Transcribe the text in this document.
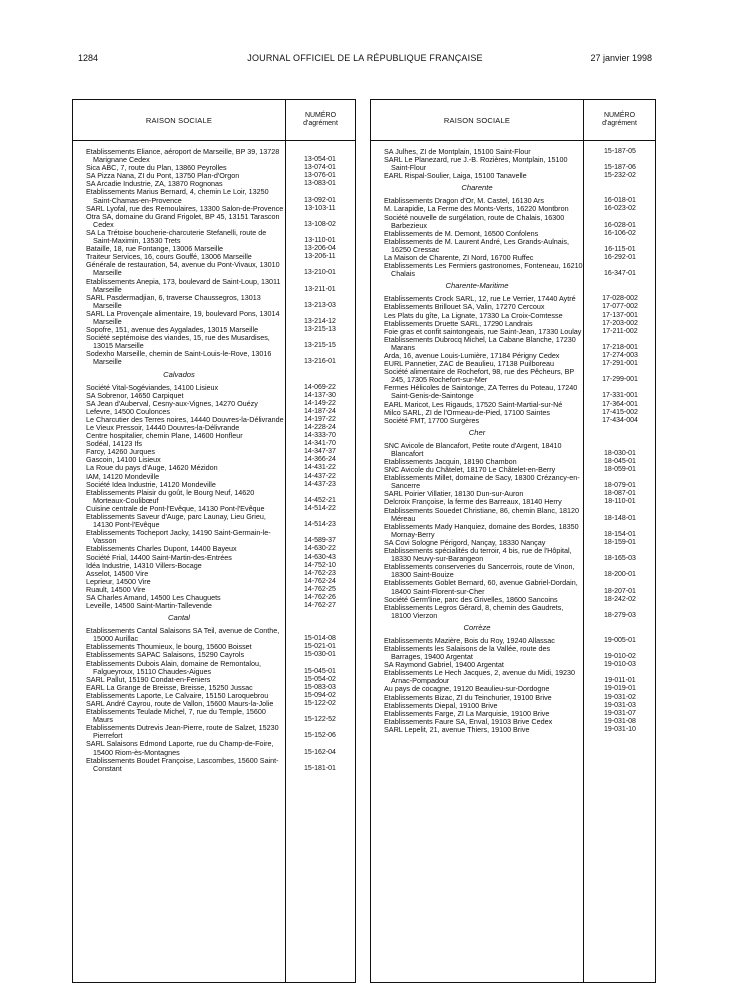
1284	JOURNAL OFFICIEL DE LA RÉPUBLIQUE FRANÇAISE	27 janvier 1998
RAISON SOCIALE	NUMÉRO
d'agrément
Etablissements Eliance, aéroport de Marseille, BP 39, 13728 Marignane Cedex	13-054-01
Sica ABC, 7, route du Plan, 13860 Peyrolles	13-074-01
SA Pizza Nana, ZI du Pont, 13750 Plan-d'Orgon	13-076-01
SA Arcadie Industrie, ZA, 13870 Rognonas	13-083-01
Etablissements Marius Bernard, 4, chemin Le Loir, 13250 Saint-Chamas-en-Provence	13-092-01
SARL Lyofal, rue des Remoulaires, 13300 Salon-de-Provence	13-103-11
Otra SA, domaine du Grand Frigolet, BP 45, 13151 Tarascon Cedex	13-108-02
SA La Trétoise boucherie-charcuterie Stefanelli, route de Saint-Maximin, 13530 Trets	13-110-01
Bataille, 18, rue Fontange, 13006 Marseille	13-206-04
Traiteur Services, 16, cours Gouffé, 13006 Marseille	13-206-11
Générale de restauration, 54, avenue du Pont-Vivaux, 13010 Marseille	13-210-01
Etablissements Anepia, 173, boulevard de Saint-Loup, 13011 Marseille	13-211-01
SARL Pasdermadjian, 6, traverse Chaussegros, 13013 Marseille	13-213-03
SARL La Provençale alimentaire, 19, boulevard Pons, 13014 Marseille	13-214-12
Sopofre, 151, avenue des Aygalades, 13015 Marseille	13-215-13
Société septémoise des viandes, 15, rue des Musardises, 13015 Marseille	13-215-15
Sodexho Marseille, chemin de Saint-Louis-le-Rove, 13016 Marseille	13-216-01
Calvados
Société Vital-Sogéviandes, 14100 Lisieux	14-069-22
SA Sobrenor, 14650 Carpiquet	14-137-30
SA Jean d'Auberval, Cesny-aux-Vignes, 14270 Ouézy	14-149-22
Lefevre, 14500 Coulonces	14-187-24
Le Charcutier des Terres noires, 14440 Douvres-la-Délivrande	14-197-22
Le Vieux Pressoir, 14440 Douvres-la-Délivrande	14-228-24
Centre hospitalier, chemin Plane, 14600 Honfleur	14-333-70
Sodéal, 14123 Ifs	14-341-70
Farcy, 14260 Jurques	14-347-37
Gascoin, 14100 Lisieux	14-366-24
La Roue du pays d'Auge, 14620 Mézidon	14-431-22
IAM, 14120 Mondeville	14-437-22
Société Idea Industrie, 14120 Mondeville	14-437-23
Etablissements Plaisir du goût, le Bourg Neuf, 14620 Morteaux-Coulibœuf	14-452-21
Cuisine centrale de Pont-l'Evêque, 14130 Pont-l'Evêque	14-514-22
Etablissements Saveur d'Auge, parc Launay, Lieu Grieu, 14130 Pont-l'Evêque	14-514-23
Etablissements Tocheport Jacky, 14190 Saint-Germain-le-Vasson	14-589-37
Etablissements Charles Dupont, 14400 Bayeux	14-630-22
Société Frial, 14400 Saint-Martin-des-Entrées	14-630-43
Idéa Industrie, 14310 Villers-Bocage	14-752-10
Asselot, 14500 Vire	14-762-23
Leprieur, 14500 Vire	14-762-24
Ruault, 14500 Vire	14-762-25
SA Charles Amand, 14500 Les Chauguets	14-762-26
Leveille, 14500 Saint-Martin-Tallevende	14-762-27
Cantal
Etablissements Cantal Salaisons SA Teil, avenue de Conthe, 15000 Aurillac	15-014-08
Etablissements Thoumieux, le bourg, 15600 Boisset	15-021-01
Etablissements SAPAC Salaisons, 15290 Cayrols	15-030-01
Etablissements Dubois Alain, domaine de Remontalou, Falgueyroux, 15110 Chaudes-Aigues	15-045-01
SARL Pallut, 15190 Condat-en-Feniers	15-054-02
EARL La Grange de Breisse, Breisse, 15250 Jussac	15-083-03
Etablissements Laporte, Le Calvaire, 15150 Laroquebrou	15-094-02
SARL André Cayrou, route de Vallon, 15600 Maurs-la-Jolie	15-122-02
Etablissements Teulade Michel, 7, rue du Temple, 15600 Maurs	15-122-52
Etablissements Dutrevis Jean-Pierre, route de Salzet, 15230 Pierrefort	15-152-06
SARL Salaisons Edmond Laporte, rue du Champ-de-Foire, 15400 Riom-ès-Montagnes	15-162-04
Etablissements Boudet Françoise, Lascombes, 15600 Saint-Constant	15-181-01
RAISON SOCIALE	NUMÉRO
d'agrément
SA Julhes, ZI de Montplain, 15100 Saint-Flour	15-187-05
SARL Le Planezard, rue J.-B. Rozières, Montplain, 15100 Saint-Flour	15-187-06
EARL Rispal-Soulier, Laiga, 15100 Tanavelle	15-232-02
Charente
Etablissements Dragon d'Or, M. Castel, 16130 Ars	16-018-01
M. Larapidie, La Ferme des Monts-Verts, 16220 Montbron	16-023-02
Société nouvelle de surgélation, route de Chalais, 16300 Barbezieux	16-028-01
Etablissements de M. Demont, 16500 Confolens	16-106-02
Etablissements de M. Laurent André, Les Grands-Aulnais, 16250 Cressac	16-115-01
La Maison de Charente, ZI Nord, 16700 Ruffec	16-292-01
Etablissements Les Fermiers gastronomes, Fonteneau, 16210 Chalais	16-347-01
Charente-Maritime
Etablissements Crock SARL, 12, rue Le Verrier, 17440 Aytré	17-028-002
Etablissements Brillouet SA, Valin, 17270 Cercoux	17-077-002
Les Plats du gîte, La Lignate, 17330 La Croix-Comtesse	17-137-001
Etablissements Druette SARL, 17290 Landrais	17-203-002
Foie gras et confit saintongeais, rue Saint-Jean, 17330 Loulay	17-211-002
Etablissements Dubrocq Michel, La Cabane Blanche, 17230 Marans	17-218-001
Arda, 16, avenue Louis-Lumière, 17184 Périgny Cedex	17-274-003
EURL Pannetier, ZAC de Beaulieu, 17138 Puilboreau	17-291-001
Société alimentaire de Rochefort, 98, rue des Pêcheurs, BP 245, 17305 Rochefort-sur-Mer	17-299-001
Fermes Hélicoles de Saintonge, ZA Terres du Poteau, 17240 Saint-Genis-de-Saintonge	17-331-001
EARL Maricot, Les Rigauds, 17520 Saint-Martial-sur-Né	17-364-001
Milco SARL, ZI de l'Ormeau-de-Pied, 17100 Saintes	17-415-002
Société FMT, 17700 Surgères	17-434-004
Cher
SNC Avicole de Blancafort, Petite route d'Argent, 18410 Blancafort	18-030-01
Etablissements Jacquin, 18190 Chambon	18-045-01
SNC Avicole du Châtelet, 18170 Le Châtelet-en-Berry	18-059-01
Etablissements Millet, domaine de Sacy, 18300 Crézancy-en-Sancerre	18-079-01
SARL Poirier Villatier, 18130 Dun-sur-Auron	18-087-01
Delcroix Françoise, la ferme des Barreaux, 18140 Herry	18-110-01
Etablissements Souedet Christiane, 86, chemin Blanc, 18120 Méreau	18-148-01
Etablissements Mady Hanquiez, domaine des Bordes, 18350 Mornay-Berry	18-154-01
SA Covi Sologne Périgord, Nançay, 18330 Nançay	18-159-01
Etablissements spécialités du terroir, 4 bis, rue de l'Hôpital, 18330 Neuvy-sur-Barangeon	18-165-03
Etablissements conserveries du Sancerrois, route de Vinon, 18300 Saint-Bouize	18-200-01
Etablissements Goblet Bernard, 60, avenue Gabriel-Dordain, 18400 Saint-Florent-sur-Cher	18-207-01
Société Germ'line, parc des Grivelles, 18600 Sancoins	18-242-02
Etablissements Legros Gérard, 8, chemin des Gaudrets, 18100 Vierzon	18-279-03
Corrèze
Etablissements Mazière, Bois du Roy, 19240 Allassac	19-005-01
Etablissements les Salaisons de la Vallée, route des Barrages, 19400 Argentat	19-010-02
SA Raymond Gabriel, 19400 Argentat	19-010-03
Etablissements Le Hech Jacques, 2, avenue du Midi, 19230 Arnac-Pompadour	19-011-01
Au pays de cocagne, 19120 Beaulieu-sur-Dordogne	19-019-01
Etablissements Bizac, ZI du Teinchurier, 19100 Brive	19-031-02
Etablissements Diepal, 19100 Brive	19-031-03
Etablissements Farge, ZI La Marquisie, 19100 Brive	19-031-07
Etablissements Faure SA, Enval, 19103 Brive Cedex	19-031-08
SARL Lepelit, 21, avenue Thiers, 19100 Brive	19-031-10
